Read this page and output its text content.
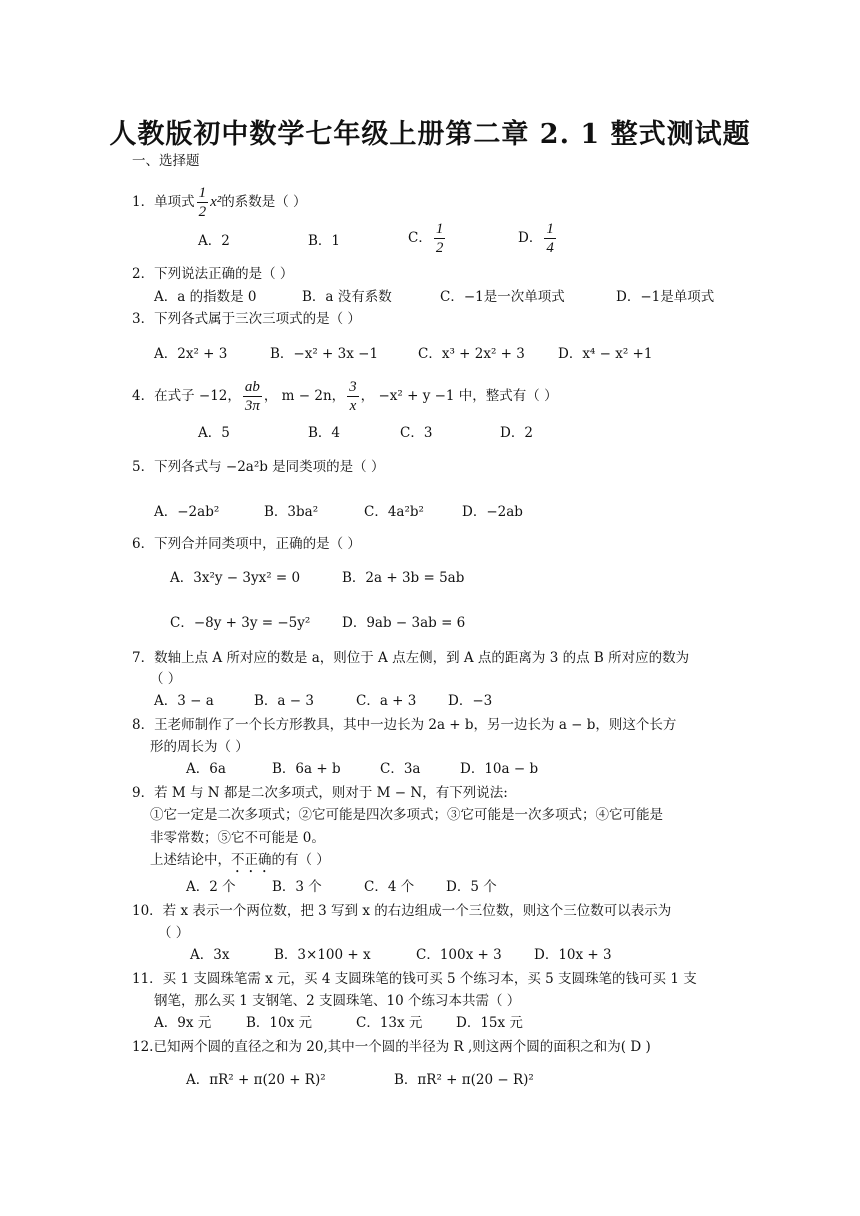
人教版初中数学七年级上册第二章 2. 1 整式测试题
一、选择题
1．单项式 $\frac{1}{2} x^2$的系数是（ ）
A．2	B．1	C． $\frac{1}{2}$	D． $\frac{1}{4}$
2．下列说法正确的是（ ）
A．a 的指数是 0	B．a 没有系数	C．−1是一次单项式	D．−1是单项式
3．下列各式属于三次三项式的是（ ）
A．2x² + 3	B．−x² + 3x −1	C．x³ + 2x² + 3 D．x⁴ − x² +1
4．在式子 −12， $\frac{ab}{3\pi}$ ， m − 2n， $\frac{3}{x}$ ， −x² + y −1 中，整式有（ ）
A．5	B．4	C．3	D．2
5．下列各式与 −2a²b 是同类项的是（ ）
A．−2ab²	B．3ba²	C．4a²b²	D．−2ab
6．下列合并同类项中，正确的是（ ）
A．3x²y − 3yx² = 0	B．2a + 3b = 5ab
C．−8y + 3y = −5y² D．9ab − 3ab = 6
7．数轴上点 A 所对应的数是 a，则位于 A 点左侧，到 A 点的距离为 3 的点 B 所对应的数为
（ ）
A．3 − a	B．a − 3	C．a + 3 D．−3
8．王老师制作了一个长方形教具，其中一边长为 2a + b，另一边长为 a − b，则这个长方
形的周长为（ ）
A．6a	B．6a + b	C．3a	D．10a − b
9．若 M 与 N 都是二次多项式，则对于 M − N，有下列说法:
①它一定是二次多项式；②它可能是四次多项式；③它可能是一次多项式；④它可能是
非零常数；⑤它不可能是 0。
上述结论中，不正确的有（ ）
A．2 个	B．3 个	C．4 个 D．5 个
10．若 x 表示一个两位数，把 3 写到 x 的右边组成一个三位数，则这个三位数可以表示为
（ ）
A．3x	B．3×100 + x	C．100x + 3 D．10x + 3
11．买 1 支圆珠笔需 x 元，买 4 支圆珠笔的钱可买 5 个练习本，买 5 支圆珠笔的钱可买 1 支
钢笔，那么买 1 支钢笔、2 支圆珠笔、10 个练习本共需（ ）
A．9x 元	B．10x 元	C．13x 元 D．15x 元
12.已知两个圆的直径之和为 20,其中一个圆的半径为 R ,则这两个圆的面积之和为( D )
A．πR² + π(20 + R)²	B．πR² + π(20 − R)²
